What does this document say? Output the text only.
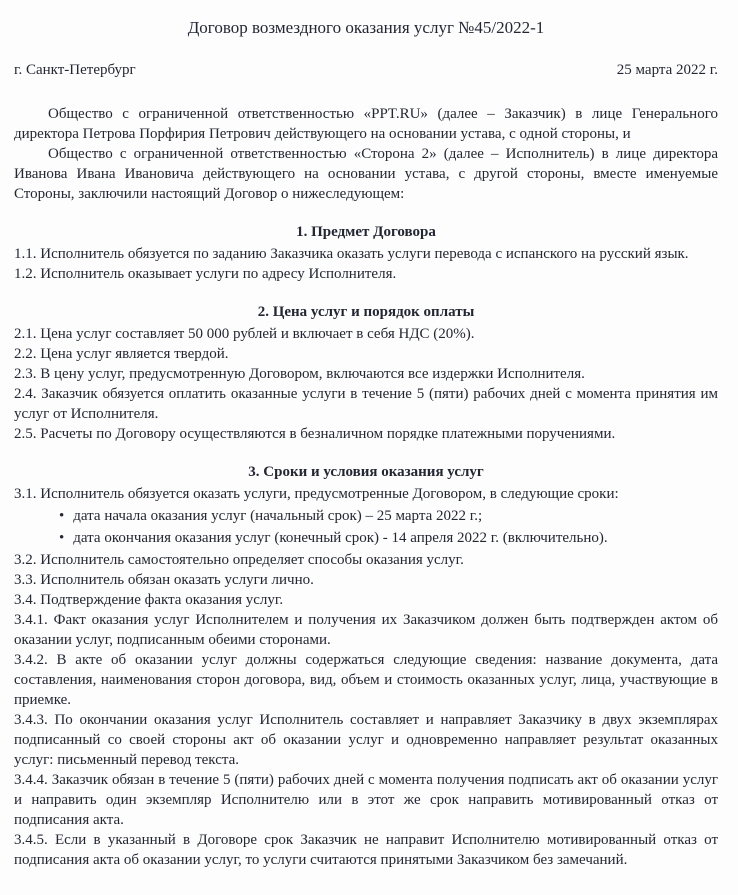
Договор возмездного оказания услуг №45/2022-1
г. Санкт-Петербург	25 марта 2022 г.

Общество с ограниченной ответственностью «PPT.RU» (далее – Заказчик) в лице Генерального директора Петрова Порфирия Петрович действующего на основании устава, с одной стороны, и

Общество с ограниченной ответственностью «Сторона 2» (далее – Исполнитель) в лице директора Иванова Ивана Ивановича действующего на основании устава, с другой стороны, вместе именуемые Стороны, заключили настоящий Договор о нижеследующем:

1. Предмет Договора

1.1. Исполнитель обязуется по заданию Заказчика оказать услуги перевода с испанского на русский язык.

1.2. Исполнитель оказывает услуги по адресу Исполнителя.

2. Цена услуг и порядок оплаты

2.1. Цена услуг составляет 50 000 рублей и включает в себя НДС (20%).

2.2. Цена услуг является твердой.

2.3. В цену услуг, предусмотренную Договором, включаются все издержки Исполнителя.

2.4. Заказчик обязуется оплатить оказанные услуги в течение 5 (пяти) рабочих дней с момента принятия им услуг от Исполнителя.

2.5. Расчеты по Договору осуществляются в безналичном порядке платежными поручениями.

3. Сроки и условия оказания услуг

3.1. Исполнитель обязуется оказать услуги, предусмотренные Договором, в следующие сроки:

• дата начала оказания услуг (начальный срок) – 25 марта 2022 г.;
• дата окончания оказания услуг (конечный срок) - 14 апреля 2022 г. (включительно).

3.2. Исполнитель самостоятельно определяет способы оказания услуг.

3.3. Исполнитель обязан оказать услуги лично.

3.4. Подтверждение факта оказания услуг.

3.4.1. Факт оказания услуг Исполнителем и получения их Заказчиком должен быть подтвержден актом об оказании услуг, подписанным обеими сторонами.

3.4.2. В акте об оказании услуг должны содержаться следующие сведения: название документа, дата составления, наименования сторон договора, вид, объем и стоимость оказанных услуг, лица, участвующие в приемке.

3.4.3. По окончании оказания услуг Исполнитель составляет и направляет Заказчику в двух экземплярах подписанный со своей стороны акт об оказании услуг и одновременно направляет результат оказанных услуг: письменный перевод текста.

3.4.4. Заказчик обязан в течение 5 (пяти) рабочих дней с момента получения подписать акт об оказании услуг и направить один экземпляр Исполнителю или в этот же срок направить мотивированный отказ от подписания акта.

3.4.5. Если в указанный в Договоре срок Заказчик не направит Исполнителю мотивированный отказ от подписания акта об оказании услуг, то услуги считаются принятыми Заказчиком без замечаний.
